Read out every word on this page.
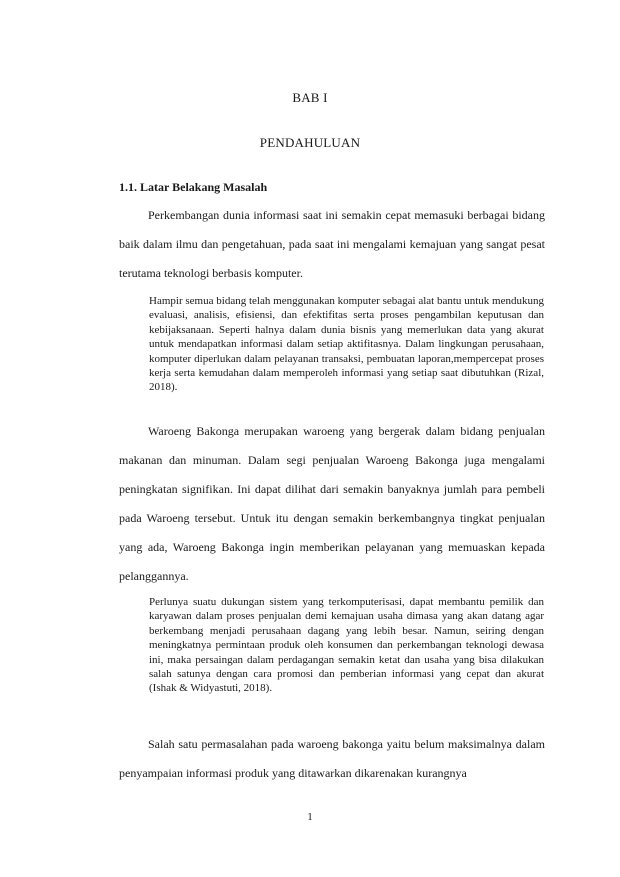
BAB I
PENDAHULUAN
1.1. Latar Belakang Masalah

Perkembangan dunia informasi saat ini semakin cepat memasuki berbagai bidang baik dalam ilmu dan pengetahuan, pada saat ini mengalami kemajuan yang sangat pesat terutama teknologi berbasis komputer.

Hampir semua bidang telah menggunakan komputer sebagai alat bantu untuk mendukung evaluasi, analisis, efisiensi, dan efektifitas serta proses pengambilan keputusan dan kebijaksanaan. Seperti halnya dalam dunia bisnis yang memerlukan data yang akurat untuk mendapatkan informasi dalam setiap aktifitasnya. Dalam lingkungan perusahaan, komputer diperlukan dalam pelayanan transaksi, pembuatan laporan,mempercepat proses kerja serta kemudahan dalam memperoleh informasi yang setiap saat dibutuhkan (Rizal, 2018).

Waroeng Bakonga merupakan waroeng yang bergerak dalam bidang penjualan makanan dan minuman. Dalam segi penjualan Waroeng Bakonga juga mengalami peningkatan signifikan. Ini dapat dilihat dari semakin banyaknya jumlah para pembeli pada Waroeng tersebut. Untuk itu dengan semakin berkembangnya tingkat penjualan yang ada, Waroeng Bakonga ingin memberikan pelayanan yang memuaskan kepada pelanggannya.

Perlunya suatu dukungan sistem yang terkomputerisasi, dapat membantu pemilik dan karyawan dalam proses penjualan demi kemajuan usaha dimasa yang akan datang agar berkembang menjadi perusahaan dagang yang lebih besar. Namun, seiring dengan meningkatnya permintaan produk oleh konsumen dan perkembangan teknologi dewasa ini, maka persaingan dalam perdagangan semakin ketat dan usaha yang bisa dilakukan salah satunya dengan cara promosi dan pemberian informasi yang cepat dan akurat (Ishak & Widyastuti, 2018).

Salah satu permasalahan pada waroeng bakonga yaitu belum maksimalnya dalam penyampaian informasi produk yang ditawarkan dikarenakan kurangnya

1
